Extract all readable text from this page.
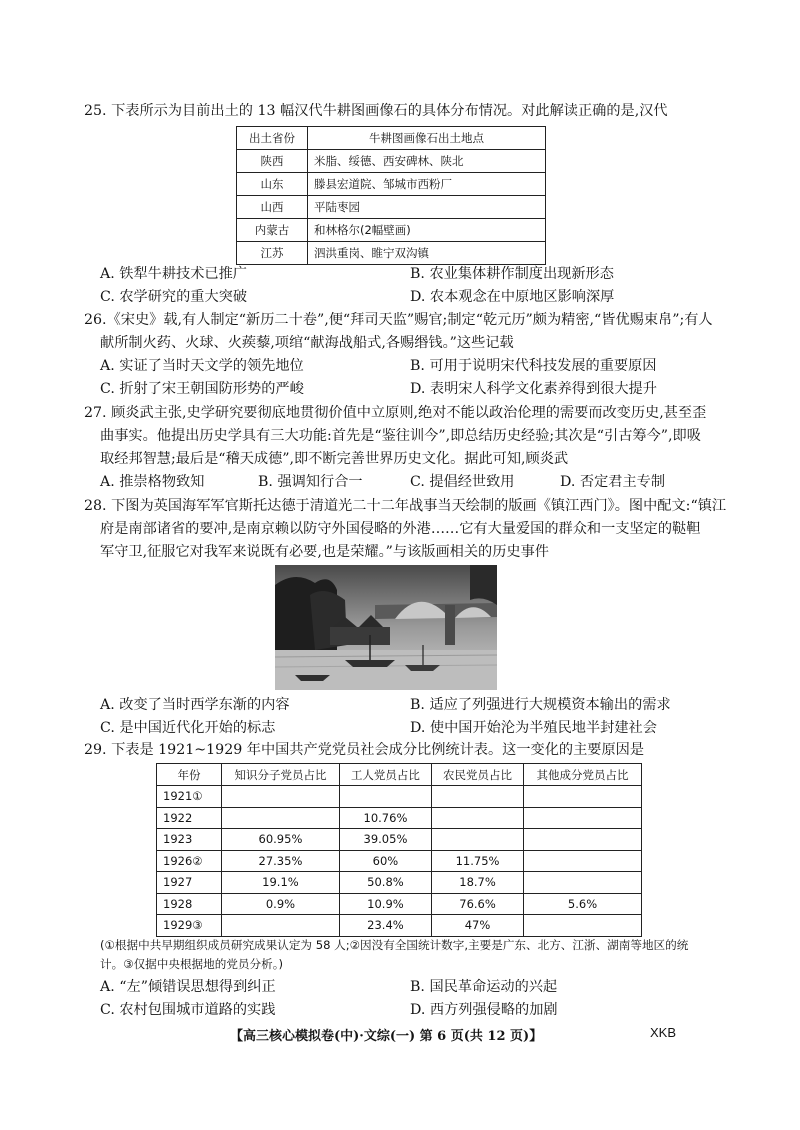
25. 下表所示为目前出土的 13 幅汉代牛耕图画像石的具体分布情况。对此解读正确的是,汉代
出土省份	牛耕图画像石出土地点
陕西	米脂、绥德、西安碑林、陕北
山东	滕县宏道院、邹城市西粉厂
山西	平陆枣园
内蒙古	和林格尔(2幅壁画)
江苏	泗洪重岗、睢宁双沟镇
A. 铁犁牛耕技术已推广	B. 农业集体耕作制度出现新形态
C. 农学研究的重大突破	D. 农本观念在中原地区影响深厚
26.《宋史》载,有人制定“新历二十卷”,便“拜司天监”赐官;制定“乾元历”颇为精密,“皆优赐束帛”;有人
献所制火药、火球、火蒺藜,项绾“献海战船式,各赐缗钱。”这些记载
A. 实证了当时天文学的领先地位	B. 可用于说明宋代科技发展的重要原因
C. 折射了宋王朝国防形势的严峻	D. 表明宋人科学文化素养得到很大提升
27. 顾炎武主张,史学研究要彻底地贯彻价值中立原则,绝对不能以政治伦理的需要而改变历史,甚至歪
曲事实。他提出历史学具有三大功能:首先是“鉴往训今”,即总结历史经验;其次是“引古筹今”,即吸
取经邦智慧;最后是“稽天成德”,即不断完善世界历史文化。据此可知,顾炎武
A. 推崇格物致知	B. 强调知行合一	C. 提倡经世致用	D. 否定君主专制
28. 下图为英国海军军官斯托达德于清道光二十二年战事当天绘制的版画《镇江西门》。图中配文:“镇江
府是南部诸省的要冲,是南京赖以防守外国侵略的外港……它有大量爱国的群众和一支坚定的鞑靼
军守卫,征服它对我军来说既有必要,也是荣耀。”与该版画相关的历史事件
A. 改变了当时西学东渐的内容	B. 适应了列强进行大规模资本输出的需求
C. 是中国近代化开始的标志	D. 使中国开始沦为半殖民地半封建社会
29. 下表是 1921~1929 年中国共产党党员社会成分比例统计表。这一变化的主要原因是
年份	知识分子党员占比	工人党员占比	农民党员占比	其他成分党员占比
1921①				
1922		10.76%		
1923	60.95%	39.05%		
1926②	27.35%	60%	11.75%	
1927	19.1%	50.8%	18.7%	
1928	0.9%	10.9%	76.6%	5.6%
1929③		23.4%	47%	
(①根据中共早期组织成员研究成果认定为 58 人;②因没有全国统计数字,主要是广东、北方、江浙、湖南等地区的统
计。③仅据中央根据地的党员分析。)
A. “左”倾错误思想得到纠正	B. 国民革命运动的兴起
C. 农村包围城市道路的实践	D. 西方列强侵略的加剧
【高三核心模拟卷(中)·文综(一) 第 6 页(共 12 页)】	XKB
